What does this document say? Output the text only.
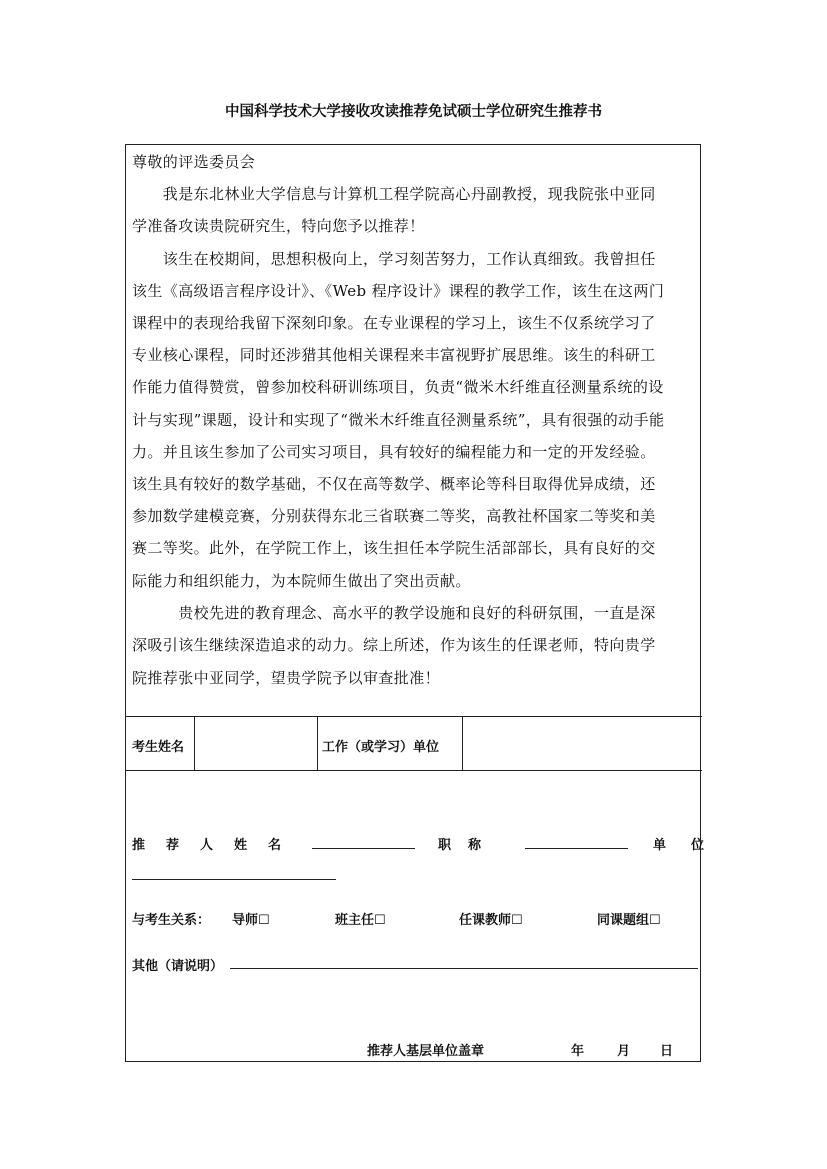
中国科学技术大学接收攻读推荐免试硕士学位研究生推荐书
尊敬的评选委员会
　　我是东北林业大学信息与计算机工程学院高心丹副教授，现我院张中亚同
学准备攻读贵院研究生，特向您予以推荐！
　　该生在校期间，思想积极向上，学习刻苦努力，工作认真细致。我曾担任
该生《高级语言程序设计》、《Web 程序设计》课程的教学工作，该生在这两门
课程中的表现给我留下深刻印象。在专业课程的学习上，该生不仅系统学习了
专业核心课程，同时还涉猎其他相关课程来丰富视野扩展思维。该生的科研工
作能力值得赞赏，曾参加校科研训练项目，负责“微米木纤维直径测量系统的设
计与实现”课题，设计和实现了“微米木纤维直径测量系统”，具有很强的动手能
力。并且该生参加了公司实习项目，具有较好的编程能力和一定的开发经验。
该生具有较好的数学基础，不仅在高等数学、概率论等科目取得优异成绩，还
参加数学建模竞赛，分别获得东北三省联赛二等奖，高教社杯国家二等奖和美
赛二等奖。此外，在学院工作上，该生担任本学院生活部部长，具有良好的交
际能力和组织能力，为本院师生做出了突出贡献。
　　　贵校先进的教育理念、高水平的教学设施和良好的科研氛围，一直是深
深吸引该生继续深造追求的动力。综上所述，作为该生的任课老师，特向贵学
院推荐张中亚同学，望贵学院予以审查批准！
考生姓名	工作（或学习）单位
推　荐　人　姓　名	职　称	单　位
与考生关系： 导师☐	班主任☐	任课教师☐	同课题组☐
其他（请说明）
推荐人基层单位盖章	年	月 日
